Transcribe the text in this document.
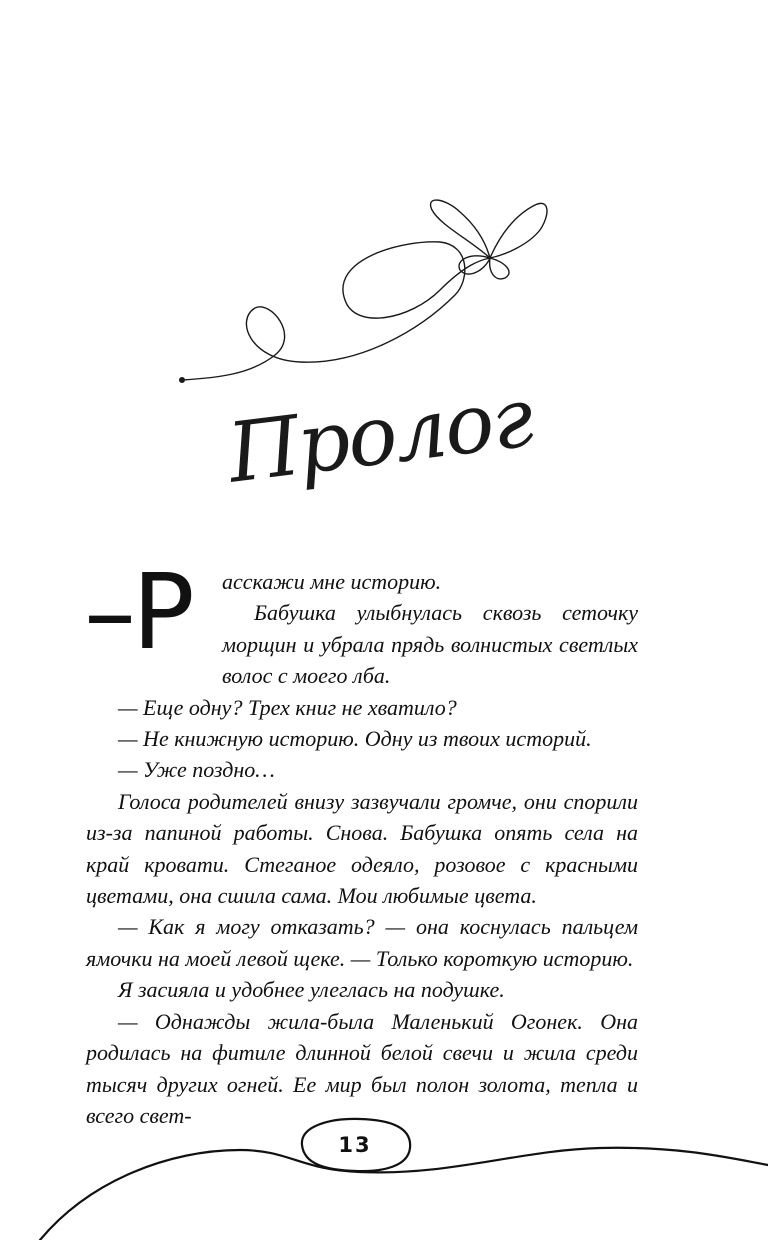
Пролог
–Р	асскажи мне историю.

Бабушка улыбнулась сквозь сеточку морщин и убрала прядь волнистых светлых волос с моего лба.

— Еще одну? Трех книг не хватило?

— Не книжную историю. Одну из твоих историй.

— Уже поздно…

Голоса родителей внизу зазвучали громче, они спорили из-за папиной работы. Снова. Бабушка опять села на край кровати. Стеганое одеяло, розовое с красными цветами, она сшила сама. Мои любимые цвета.

— Как я могу отказать? — она коснулась пальцем ямочки на моей левой щеке. — Только короткую историю.

Я засияла и удобнее улеглась на подушке.

— Однажды жила-была Маленький Огонек. Она родилась на фитиле длинной белой свечи и жила среди тысяч других огней. Ее мир был полон золота, тепла и всего свет-

13
